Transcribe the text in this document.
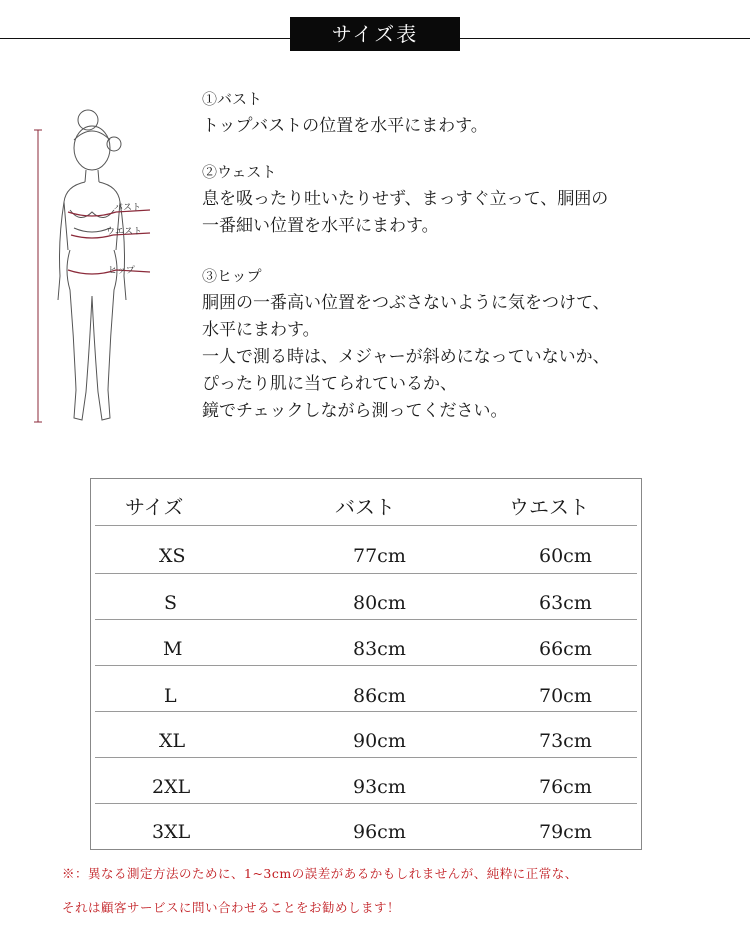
サイズ表
バスト
ウエスト
ヒップ
①バスト
トップバストの位置を水平にまわす。
②ウェスト
息を吸ったり吐いたりせず、まっすぐ立って、胴囲の
一番細い位置を水平にまわす。
③ヒップ
胴囲の一番高い位置をつぶさないように気をつけて、
水平にまわす。
一人で測る時は、メジャーが斜めになっていないか、
ぴったり肌に当てられているか、
鏡でチェックしながら測ってください。
サイズ	バスト	ウエスト
XS	77cm	60cm
S	80cm	63cm
M	83cm	66cm
L	86cm	70cm
XL	90cm	73cm
2XL	93cm	76cm
3XL	96cm	79cm
※：異なる測定方法のために、1~3cmの誤差があるかもしれませんが、純粋に正常な、
それは顧客サービスに問い合わせることをお勧めします！
